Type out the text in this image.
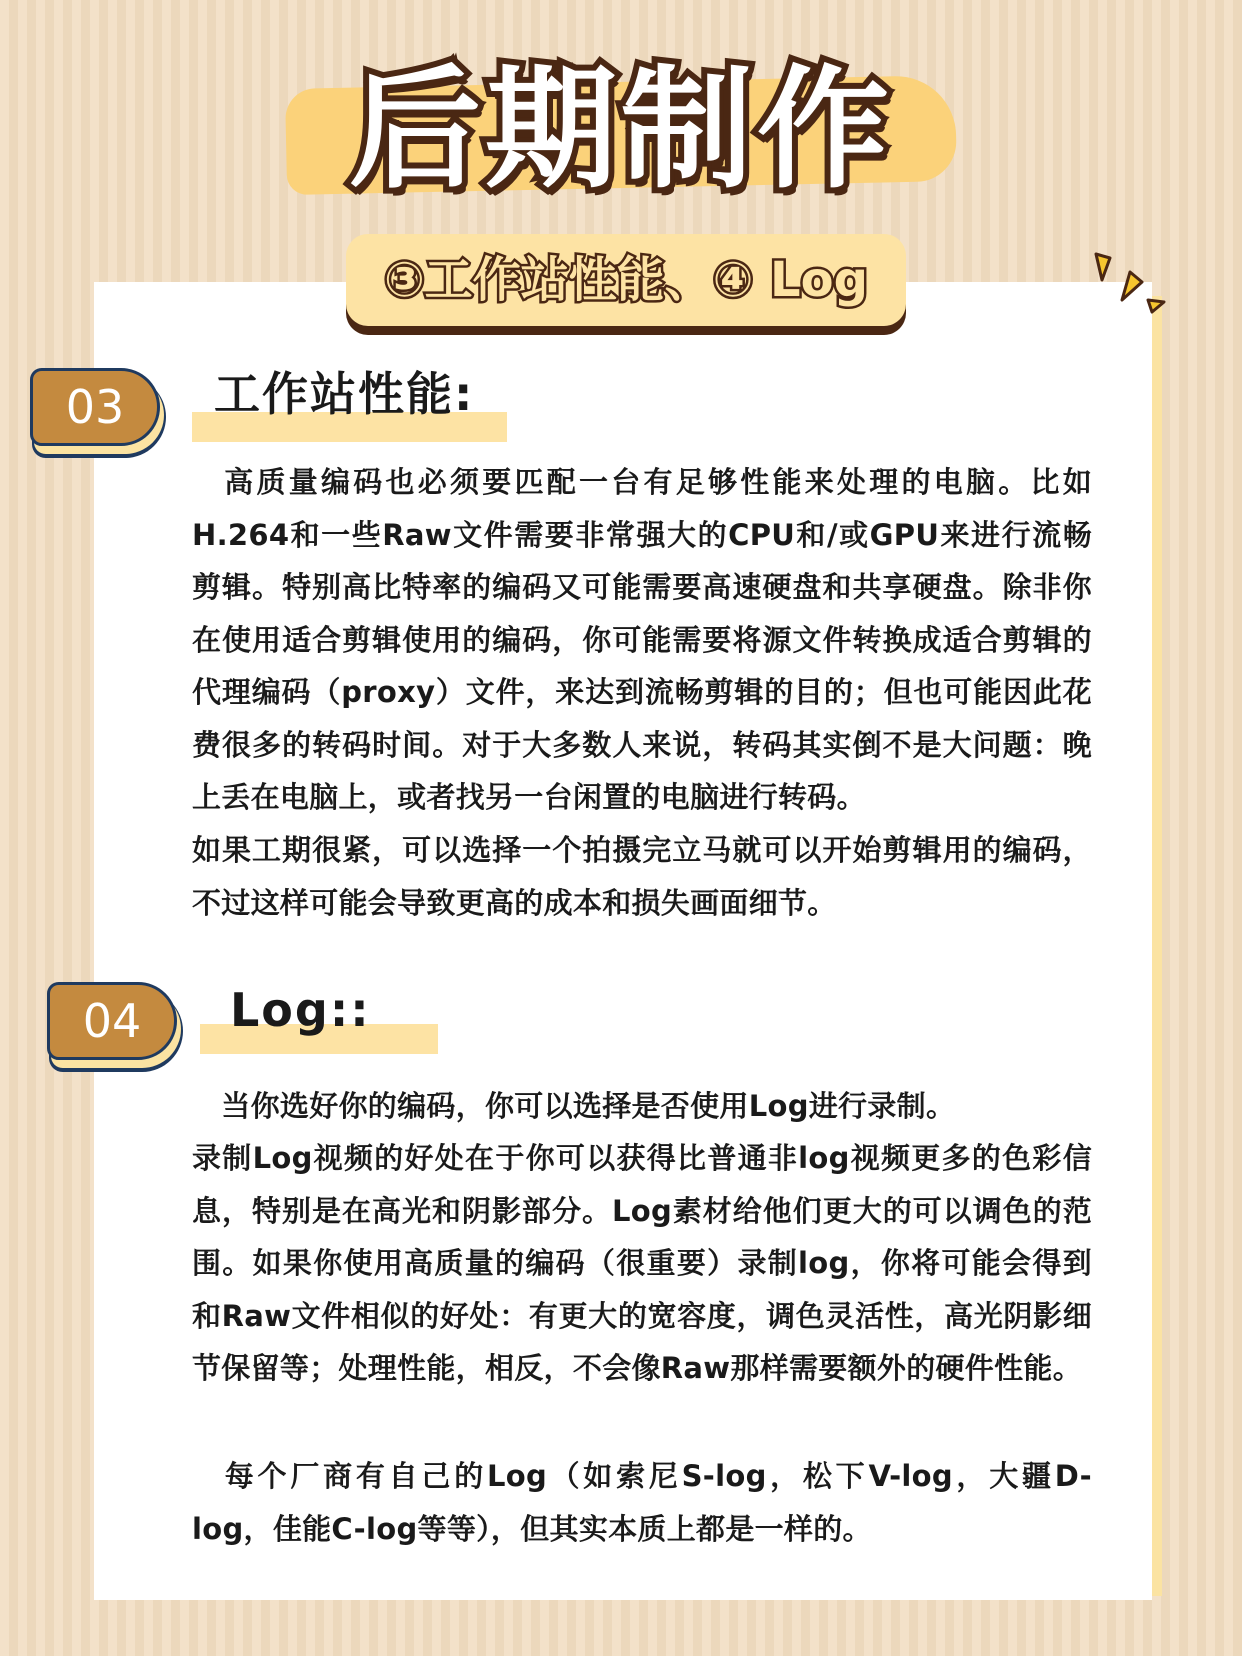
后期制作
③工作站性能、④ Log
03	工作站性能:

　高质量编码也必须要匹配一台有足够性能来处理的电脑。比如H.264和一些Raw文件需要非常强大的CPU和/或GPU来进行流畅剪辑。特别高比特率的编码又可能需要高速硬盘和共享硬盘。除非你在使用适合剪辑使用的编码，你可能需要将源文件转换成适合剪辑的代理编码（proxy）文件，来达到流畅剪辑的目的；但也可能因此花费很多的转码时间。对于大多数人来说，转码其实倒不是大问题：晚上丢在电脑上，或者找另一台闲置的电脑进行转码。

如果工期很紧，可以选择一个拍摄完立马就可以开始剪辑用的编码，不过这样可能会导致更高的成本和损失画面细节。

04	Log::

　当你选好你的编码，你可以选择是否使用Log进行录制。

录制Log视频的好处在于你可以获得比普通非log视频更多的色彩信息，特别是在高光和阴影部分。Log素材给他们更大的可以调色的范围。如果你使用高质量的编码（很重要）录制log，你将可能会得到和Raw文件相似的好处：有更大的宽容度，调色灵活性，高光阴影细节保留等；处理性能，相反，不会像Raw那样需要额外的硬件性能。

　每个厂商有自己的Log（如索尼S-log，松下V-log，大疆D-log，佳能C-log等等），但其实本质上都是一样的。
